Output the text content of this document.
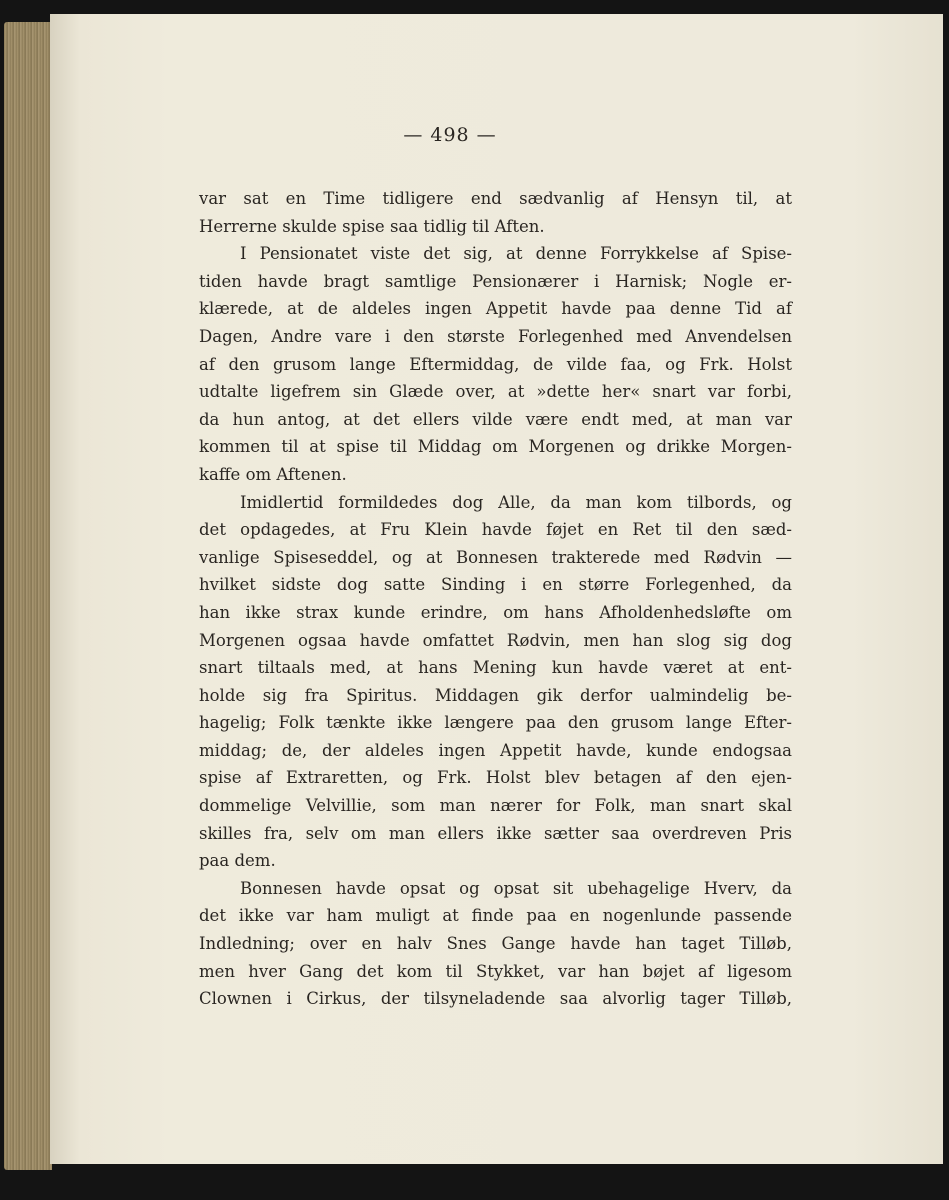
— 498 —
var sat en Time tidligere end sædvanlig af Hensyn til, at
Herrerne skulde spise saa tidlig til Aften.
I Pensionatet viste det sig, at denne Forrykkelse af Spise-
tiden havde bragt samtlige Pensionærer i Harnisk; Nogle er-
klærede, at de aldeles ingen Appetit havde paa denne Tid af
Dagen, Andre vare i den største Forlegenhed med Anvendelsen
af den grusom lange Eftermiddag, de vilde faa, og Frk. Holst
udtalte ligefrem sin Glæde over, at »dette her« snart var forbi,
da hun antog, at det ellers vilde være endt med, at man var
kommen til at spise til Middag om Morgenen og drikke Morgen-
kaffe om Aftenen.
Imidlertid formildedes dog Alle, da man kom tilbords, og
det opdagedes, at Fru Klein havde føjet en Ret til den sæd-
vanlige Spiseseddel, og at Bonnesen trakterede med Rødvin —
hvilket sidste dog satte Sinding i en større Forlegenhed, da
han ikke strax kunde erindre, om hans Afholdenhedsløfte om
Morgenen ogsaa havde omfattet Rødvin, men han slog sig dog
snart tiltaals med, at hans Mening kun havde været at ent-
holde sig fra Spiritus. Middagen gik derfor ualmindelig be-
hagelig; Folk tænkte ikke længere paa den grusom lange Efter-
middag; de, der aldeles ingen Appetit havde, kunde endogsaa
spise af Extraretten, og Frk. Holst blev betagen af den ejen-
dommelige Velvillie, som man nærer for Folk, man snart skal
skilles fra, selv om man ellers ikke sætter saa overdreven Pris
paa dem.
Bonnesen havde opsat og opsat sit ubehagelige Hverv, da
det ikke var ham muligt at finde paa en nogenlunde passende
Indledning; over en halv Snes Gange havde han taget Tilløb,
men hver Gang det kom til Stykket, var han bøjet af ligesom
Clownen i Cirkus, der tilsyneladende saa alvorlig tager Tilløb,
